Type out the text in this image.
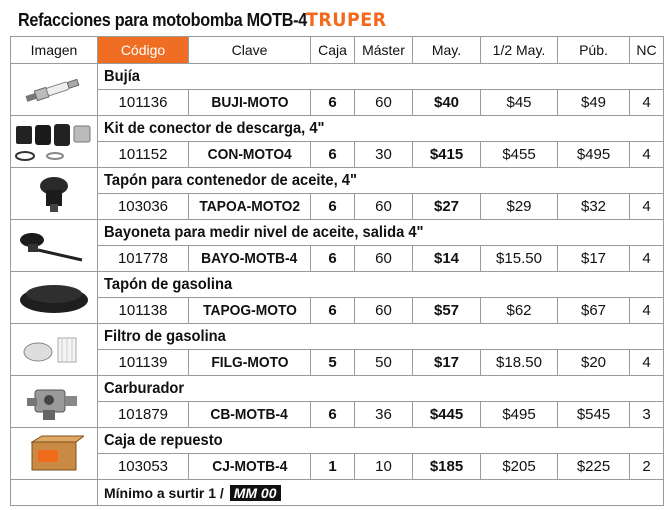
Refacciones para motobomba MOTB-4
TRUPER
Imagen	Código	Clave	Caja	Máster	May.	1/2 May.	Púb.	NC

	Bujía							
	101136	BUJI-MOTO	6	60	$40	$45	$49	4

	Kit de conector de descarga, 4"							
	101152	CON-MOTO4	6	30	$415	$455	$495	4

	Tapón para contenedor de aceite, 4"							
	103036	TAPOA-MOTO2	6	60	$27	$29	$32	4

	Bayoneta para medir nivel de aceite, salida 4"							
	101778	BAYO-MOTB-4	6	60	$14	$15.50	$17	4

	Tapón de gasolina							
	101138	TAPOG-MOTO	6	60	$57	$62	$67	4

	Filtro de gasolina							
	101139	FILG-MOTO	5	50	$17	$18.50	$20	4

	Carburador							
	101879	CB-MOTB-4	6	36	$445	$495	$545	3

	Caja de repuesto							
	103053	CJ-MOTB-4	1	10	$185	$205	$225	2
	Mínimo a surtir 1 / MM 00							
